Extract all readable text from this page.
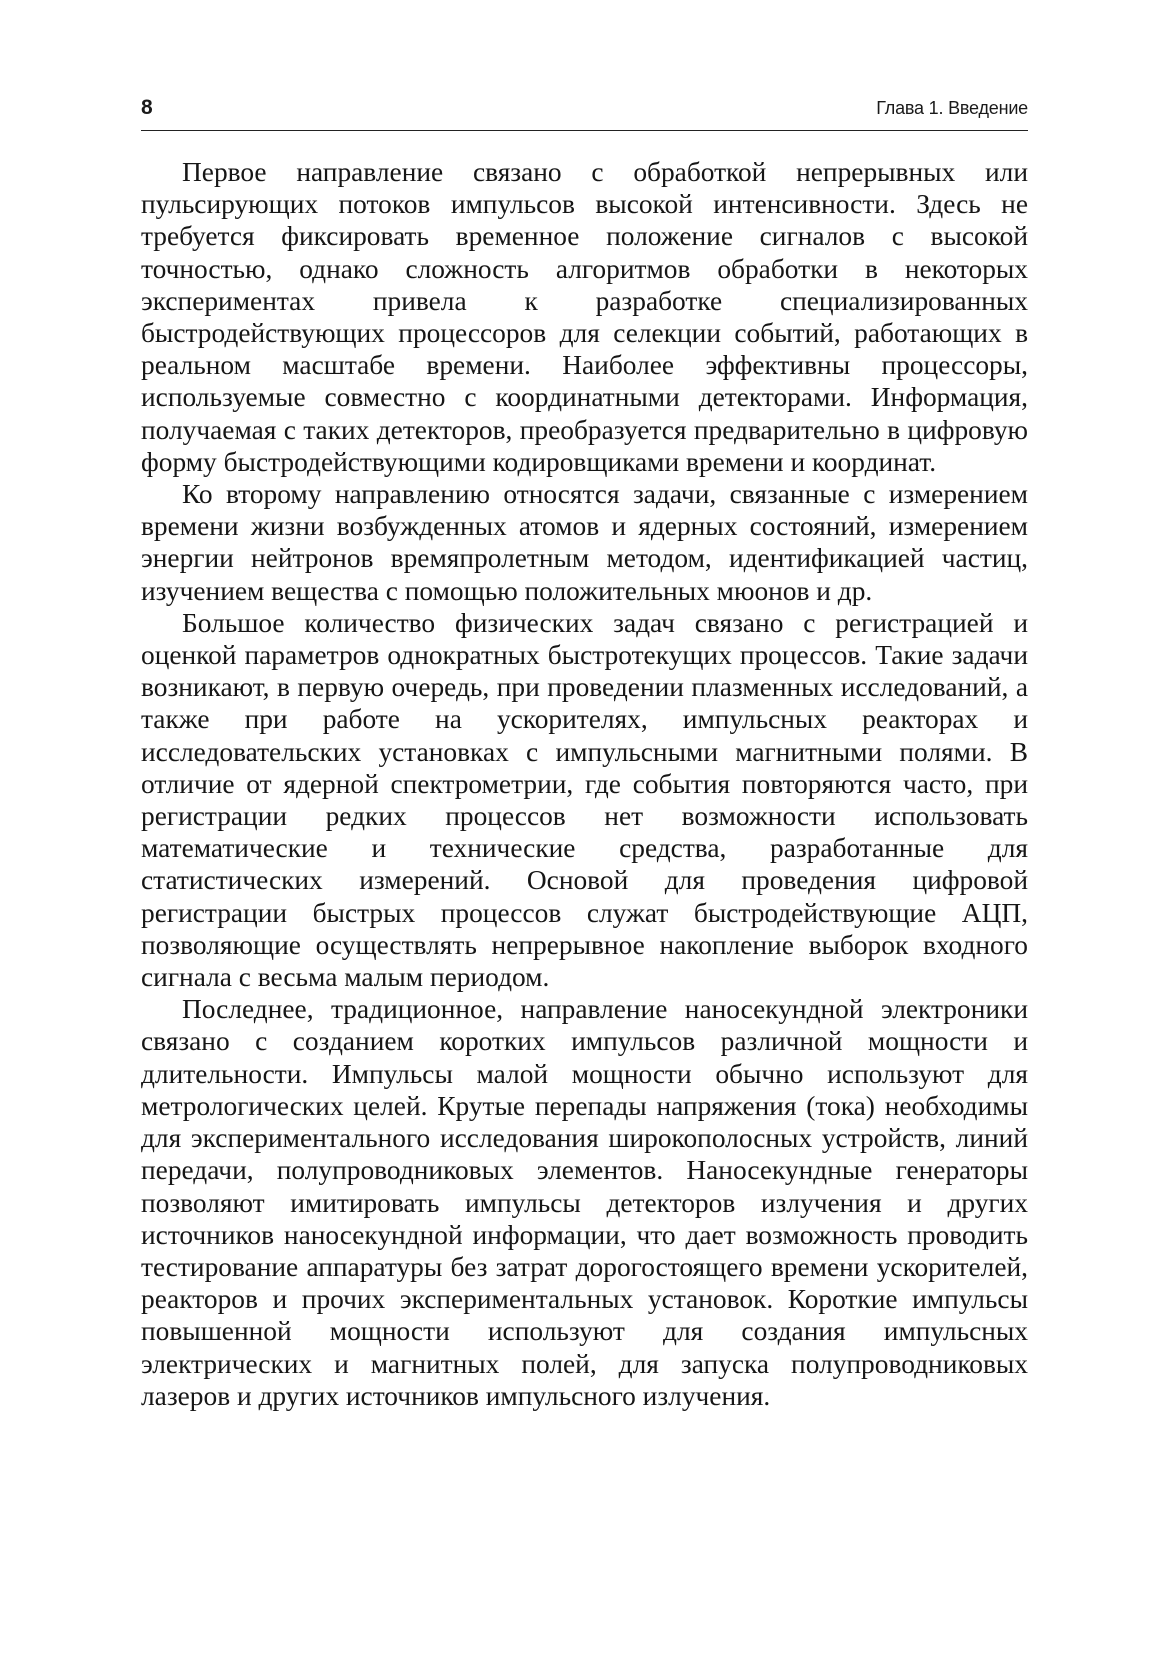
8	Глава 1. Введение

Первое направление связано с обработкой непрерывных или пульсирующих потоков импульсов высокой интенсивности. Здесь не требуется фиксировать временное положение сигналов с высокой точностью, однако сложность алгоритмов обработки в некоторых экспериментах привела к разработке специализированных быстродействующих процессоров для селекции событий, работающих в реальном масштабе времени. Наиболее эффективны процессоры, используемые совместно с координатными детекторами. Информация, получаемая с таких детекторов, преобразуется предварительно в цифровую форму быстродействующими кодировщиками времени и координат.

Ко второму направлению относятся задачи, связанные с измерением времени жизни возбужденных атомов и ядерных состояний, измерением энергии нейтронов времяпролетным методом, идентификацией частиц, изучением вещества с помощью положительных мюонов и др.

Большое количество физических задач связано с регистрацией и оценкой параметров однократных быстротекущих процессов. Такие задачи возникают, в первую очередь, при проведении плазменных исследований, а также при работе на ускорителях, импульсных реакторах и исследовательских установках с импульсными магнитными полями. В отличие от ядерной спектрометрии, где события повторяются часто, при регистрации редких процессов нет возможности использовать математические и технические средства, разработанные для статистических измерений. Основой для проведения цифровой регистрации быстрых процессов служат быстродействующие АЦП, позволяющие осуществлять непрерывное накопление выборок входного сигнала с весьма малым периодом.

Последнее, традиционное, направление наносекундной электроники связано с созданием коротких импульсов различной мощности и длительности. Импульсы малой мощности обычно используют для метрологических целей. Крутые перепады напряжения (тока) необходимы для экспериментального исследования широкополосных устройств, линий передачи, полупроводниковых элементов. Наносекундные генераторы позволяют имитировать импульсы детекторов излучения и других источников наносекундной информации, что дает возможность проводить тестирование аппаратуры без затрат дорогостоящего времени ускорителей, реакторов и прочих экспериментальных установок. Короткие импульсы повышенной мощности используют для создания импульсных электрических и магнитных полей, для запуска полупроводниковых лазеров и других источников импульсного излучения.
